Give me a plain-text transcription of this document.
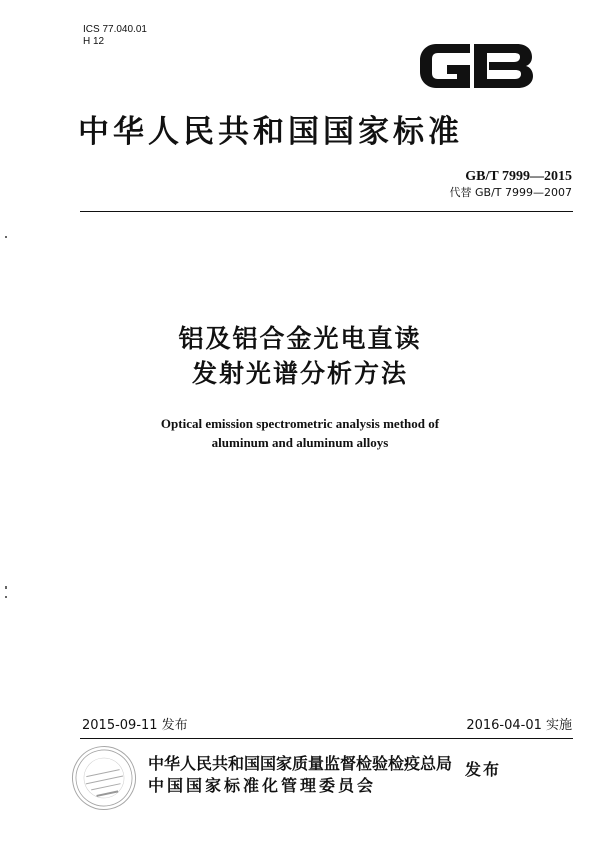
ICS 77.040.01
H 12
中华人民共和国国家标准
GB/T 7999—2015
代替 GB/T 7999—2007
铝及铝合金光电直读
发射光谱分析方法
Optical emission spectrometric analysis method of
aluminum and aluminum alloys
2015-09-11 发布	2016-04-01 实施
中华人民共和国国家质量监督检验检疫总局
中国国家标准化管理委员会
发布
